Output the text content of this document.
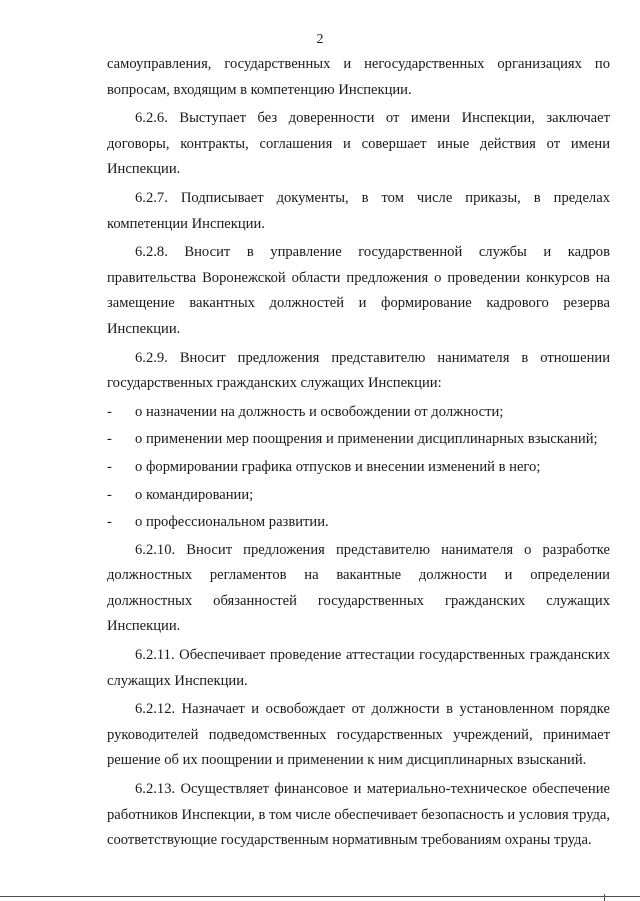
2

самоуправления, государственных и негосударственных организациях по вопросам, входящим в компетенцию Инспекции.

6.2.6. Выступает без доверенности от имени Инспекции, заключает договоры, контракты, соглашения и совершает иные действия от имени Инспекции.

6.2.7. Подписывает документы, в том числе приказы, в пределах компетенции Инспекции.

6.2.8. Вносит в управление государственной службы и кадров правительства Воронежской области предложения о проведении конкурсов на замещение вакантных должностей и формирование кадрового резерва Инспекции.

6.2.9. Вносит предложения представителю нанимателя в отношении государственных гражданских служащих Инспекции:

- о назначении на должность и освобождении от должности;
- о применении мер поощрения и применении дисциплинарных взысканий;
- о формировании графика отпусков и внесении изменений в него;
- о командировании;
- о профессиональном развитии.

6.2.10. Вносит предложения представителю нанимателя о разработке должностных регламентов на вакантные должности и определении должностных обязанностей государственных гражданских служащих Инспекции.

6.2.11. Обеспечивает проведение аттестации государственных гражданских служащих Инспекции.

6.2.12. Назначает и освобождает от должности в установленном порядке руководителей подведомственных государственных учреждений, принимает решение об их поощрении и применении к ним дисциплинарных взысканий.

6.2.13. Осуществляет финансовое и материально-техническое обеспечение работников Инспекции, в том числе обеспечивает безопасность и условия труда, соответствующие государственным нормативным требованиям охраны труда.
